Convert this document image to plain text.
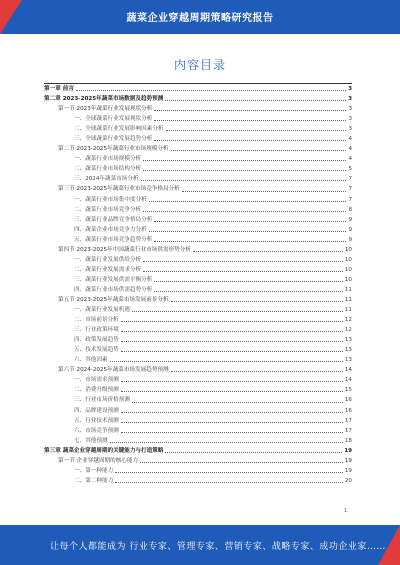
蔬菜企业穿越周期策略研究报告
内容目录
第一章 前言	3
第二章 2023-2025年蔬菜市场数据及趋势预测	3
第一节 2023年蔬菜行业发展现状分析	3
一、全球蔬菜行业发展现状分析	3
二、全球蔬菜行业发展影响因素分析	3
三、全球蔬菜行业发展趋势分析	4
第二节 2023-2025年蔬菜行业市场规模分析	4
一、蔬菜行业市场规模分析	4
二、蔬菜行业市场结构分析	5
三、2024年蔬菜市场分析	7
第三节 2023-2025年蔬菜行业市场竞争格局分析	7
一、蔬菜行业市场集中度分析	7
二、蔬菜行业市场竞争分析	8
三、蔬菜行业品牌竞争格局分析	9
四、蔬菜企业市场竞争力分析	9
五、蔬菜行业市场竞争趋势分析	9
第四节 2023-2025年中国蔬菜行业市场供需形势分析	10
一、蔬菜行业发展供给分析	10
二、蔬菜行业发展需求分析	10
三、蔬菜行业发展供需平衡分析	10
四、蔬菜行业市场供需趋势分析	11
第五节 2023-2025年蔬菜市场发展前景分析	11
一、蔬菜行业发展机遇	11
二、市场前景分析	12
三、行业政策环境	12
四、政策发展趋势	13
五、技术发展趋势	13
六、其他因素	13
第六节 2024-2025年蔬菜市场发展趋势预测	14
一、市场需求预测	14
二、消费升级预测	15
三、行业市场价格预测	16
四、品牌建设预测	16
五、行业技术预测	17
六、市场竞争预测	17
七、其他预测	18
第三章 蔬菜企业穿越周期的关键能力与打造策略	19
第一节 企业穿越周期的核心能力	19
一、第一种能力	19
二、第二种能力	20
1
让每个人都能成为 行业专家、管理专家、营销专家、战略专家、成功企业家……
